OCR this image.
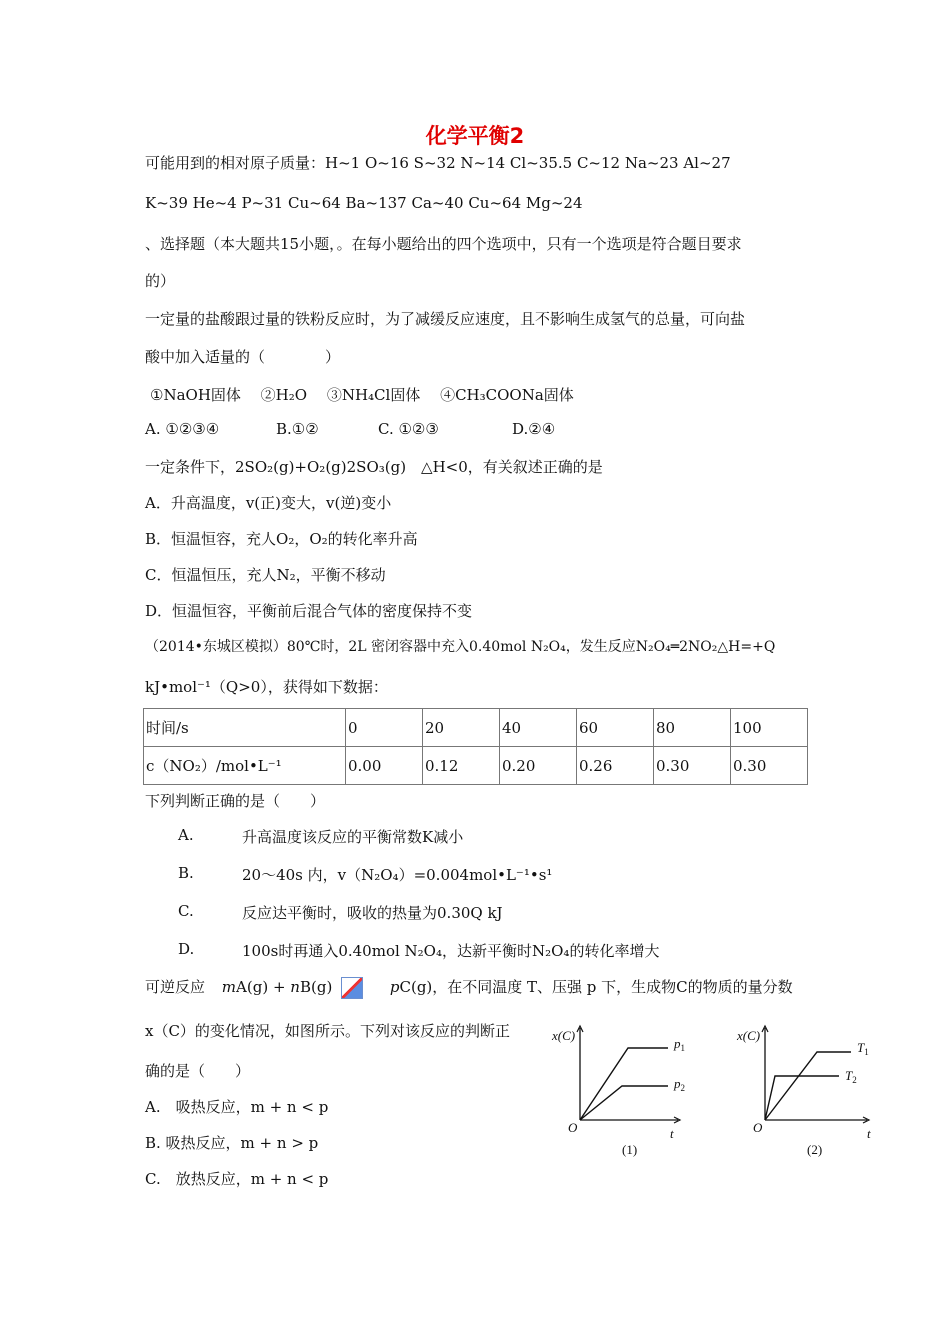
化学平衡2
可能用到的相对原子质量：H~1 O~16 S~32 N~14 Cl~35.5 C~12 Na~23 Al~27
K~39 He~4 P~31 Cu~64 Ba~137 Ca~40 Cu~64 Mg~24
、选择题（本大题共15小题，。在每小题给出的四个选项中，只有一个选项是符合题目要求
的）
一定量的盐酸跟过量的铁粉反应时，为了减缓反应速度，且不影响生成氢气的总量，可向盐
酸中加入适量的（　　　　）
①NaOH固体　 ②H₂O　 ③NH₄Cl固体　 ④CH₃COONa固体
A. ①②③④	B.①②	C. ①②③	D.②④
一定条件下，2SO₂(g)+O₂(g)2SO₃(g)　△H<0，有关叙述正确的是
A．升高温度，v(正)变大，v(逆)变小
B．恒温恒容，充人O₂，O₂的转化率升高
C．恒温恒压，充人N₂，平衡不移动
D．恒温恒容，平衡前后混合气体的密度保持不变
（2014•东城区模拟）80℃时，2L 密闭容器中充入0.40mol N₂O₄，发生反应N₂O₄═2NO₂△H=+Q
kJ•mol⁻¹（Q>0），获得如下数据：
时间/s	0	20	40	60	80	100
c（NO₂）/mol•L⁻¹	0.00	0.12	0.20	0.26	0.30	0.30
下列判断正确的是（　　）
A.	升高温度该反应的平衡常数K减小
B.	20～40s 内，v（N₂O₄）=0.004mol•L⁻¹•s¹
C.	反应达平衡时，吸收的热量为0.30Q kJ
D.	100s时再通入0.40mol N₂O₄，达新平衡时N₂O₄的转化率增大
可逆反应 mA(g) + nB(g)	pC(g)，在不同温度 T、压强 p 下，生成物C的物质的量分数
x（C）的变化情况，如图所示。下列对该反应的判断正
确的是（　　）
A.　吸热反应，m + n < p
B. 吸热反应，m + n > p
C.　放热反应，m + n < p
x(C)
t
O
$p_1$
$p_2$
(1)
x(C)
t
O
$T_1$
$T_2$
(2)
